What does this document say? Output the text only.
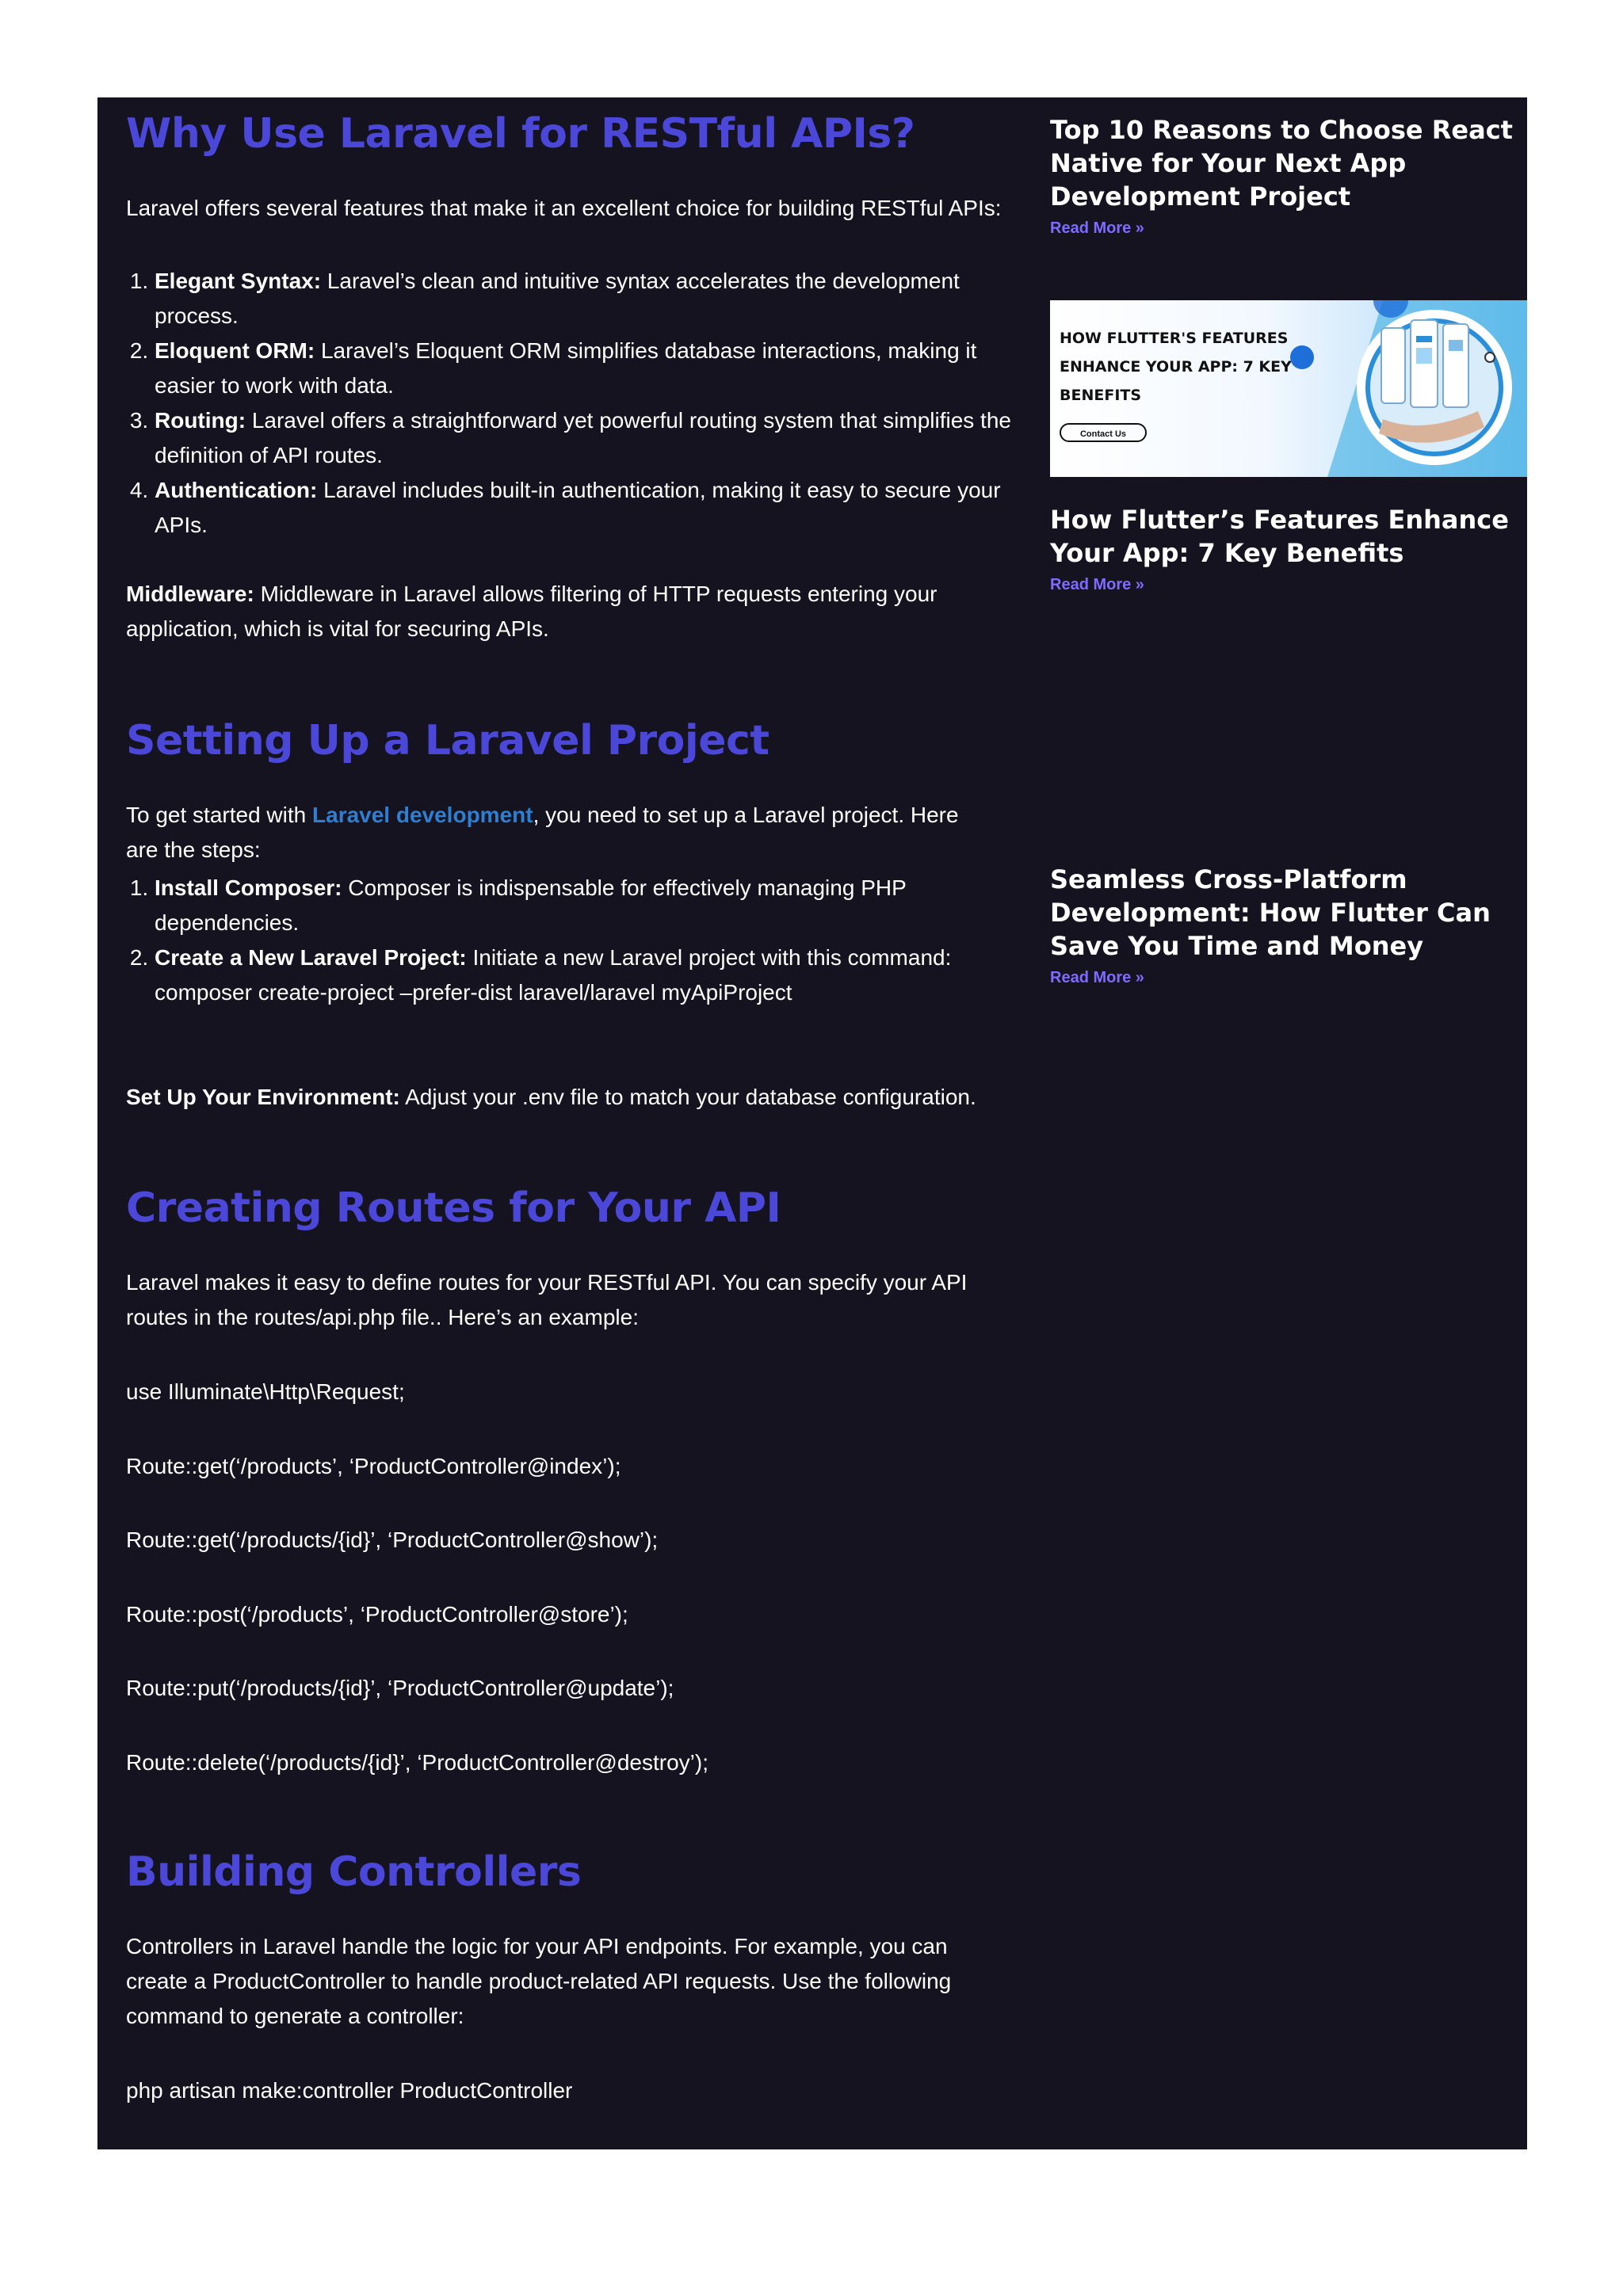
Why Use Laravel for RESTful APIs?

Laravel offers several features that make it an excellent choice for building RESTful APIs:

1. Elegant Syntax: Laravel’s clean and intuitive syntax accelerates the development process.
2. Eloquent ORM: Laravel’s Eloquent ORM simplifies database interactions, making it easier to work with data.
3. Routing: Laravel offers a straightforward yet powerful routing system that simplifies the definition of API routes.
4. Authentication: Laravel includes built-in authentication, making it easy to secure your APIs.

Middleware: Middleware in Laravel allows filtering of HTTP requests entering your application, which is vital for securing APIs.

Setting Up a Laravel Project

To get started with Laravel development, you need to set up a Laravel project. Here are the steps:

1. Install Composer: Composer is indispensable for effectively managing PHP dependencies.
2. Create a New Laravel Project: Initiate a new Laravel project with this command: composer create-project –prefer-dist laravel/laravel myApiProject

Set Up Your Environment: Adjust your .env file to match your database configuration.

Creating Routes for Your API

Laravel makes it easy to define routes for your RESTful API. You can specify your API routes in the routes/api.php file.. Here’s an example:

use Illuminate\Http\Request;

Route::get(‘/products’, ‘ProductController@index’);

Route::get(‘/products/{id}’, ‘ProductController@show’);

Route::post(‘/products’, ‘ProductController@store’);

Route::put(‘/products/{id}’, ‘ProductController@update’);

Route::delete(‘/products/{id}’, ‘ProductController@destroy’);

Building Controllers

Controllers in Laravel handle the logic for your API endpoints. For example, you can create a ProductController to handle product-related API requests. Use the following command to generate a controller:

php artisan make:controller ProductController

Top 10 Reasons to Choose React Native for Your Next App Development Project
Read More »
HOW FLUTTER'S FEATURES ENHANCE YOUR APP: 7 KEY BENEFITS
Contact Us
How Flutter’s Features Enhance Your App: 7 Key Benefits
Read More »
Seamless Cross-Platform Development: How Flutter Can Save You Time and Money
Read More »
